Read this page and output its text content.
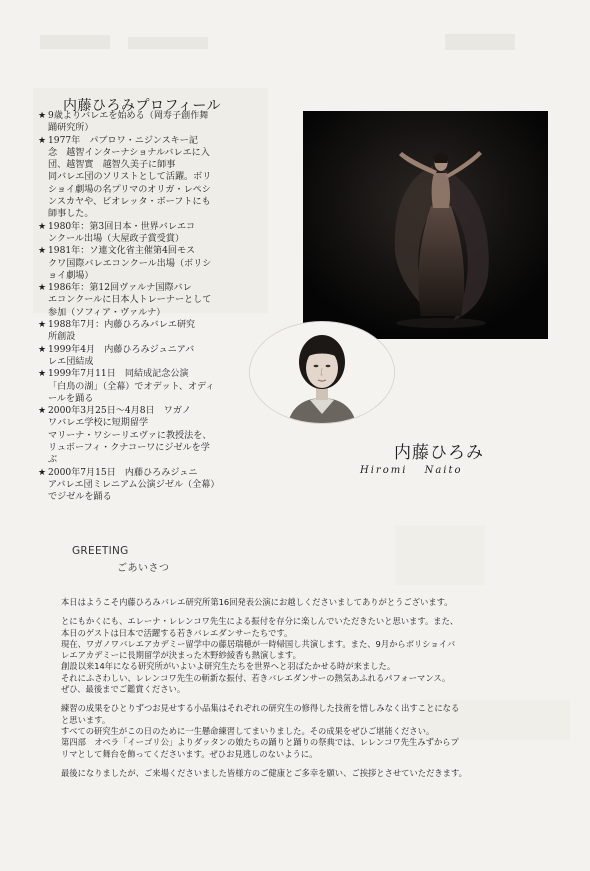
内藤ひろみプロフィール
★ 9歳よりバレエを始める（岡寿子創作舞
踊研究所）
★ 1977年　パブロワ・ニジンスキー記
念　越智インターナショナルバレエに入
団、越智實　越智久美子に師事
同バレエ団のソリストとして活躍。ボリ
ショイ劇場の名プリマのオリガ・レペシ
ンスカヤや、ビオレッタ・ボーフトにも
師事した。
★ 1980年：第3回日本・世界バレエコ
ンクール出場（大屋政子賞受賞）
★ 1981年：ソ連文化省主催第4回モス
クワ国際バレエコンクール出場（ボリシ
ョイ劇場）
★ 1986年：第12回ヴァルナ国際バレ
エコンクールに日本人トレーナーとして
参加（ソフィア・ヴァルナ）
★ 1988年7月：内藤ひろみバレエ研究
所創設
★ 1999年4月　内藤ひろみジュニアバ
レエ団結成
★ 1999年7月11日　同結成記念公演
「白鳥の湖」（全幕）でオデット、オディ
ールを踊る
★ 2000年3月25日～4月8日　ワガノ
ワバレエ学校に短期留学
マリーナ・ワシーリエヴァに教授法を、
リュボーフィ・クナコーワにジゼルを学
ぶ
★ 2000年7月15日　内藤ひろみジュニ
アバレエ団ミレニアム公演ジゼル（全幕）
でジゼルを踊る
内藤ひろみ
Hiromi Naito
GREETING
ごあいさつ

本日はようこそ内藤ひろみバレエ研究所第16回発表公演にお越しくださいましてありがとうございます。

とにもかくにも、エレーナ・レレンコワ先生による振付を存分に楽しんでいただきたいと思います。また、
本日のゲストは日本で活躍する若きバレエダンサーたちです。
現在、ワガノワバレエアカデミー留学中の藤居瑞穂が一時帰国し共演します。また、9月からボリショイバ
レエアカデミーに長期留学が決まった木野紗綾香も熱演します。
創設以来14年になる研究所がいよいよ研究生たちを世界へと羽ばたかせる時が来ました。
それにふさわしい、レレンコワ先生の斬新な振付、若きバレエダンサーの熱気あふれるパフォーマンス。
ぜひ、最後までご鑑賞ください。

練習の成果をひとりずつお見せする小品集はそれぞれの研究生の修得した技術を惜しみなく出すことになる
と思います。
すべての研究生がこの日のために一生懸命練習してまいりました。その成果をぜひご堪能ください。
第四部　オペラ「イーゴリ公」よりダッタンの娘たちの踊りと踊りの祭典では、レレンコワ先生みずからプ
リマとして舞台を飾ってくださいます。ぜひお見逃しのないように。

最後になりましたが、ご来場くださいました皆様方のご健康とご多幸を願い、ご挨拶とさせていただきます。
